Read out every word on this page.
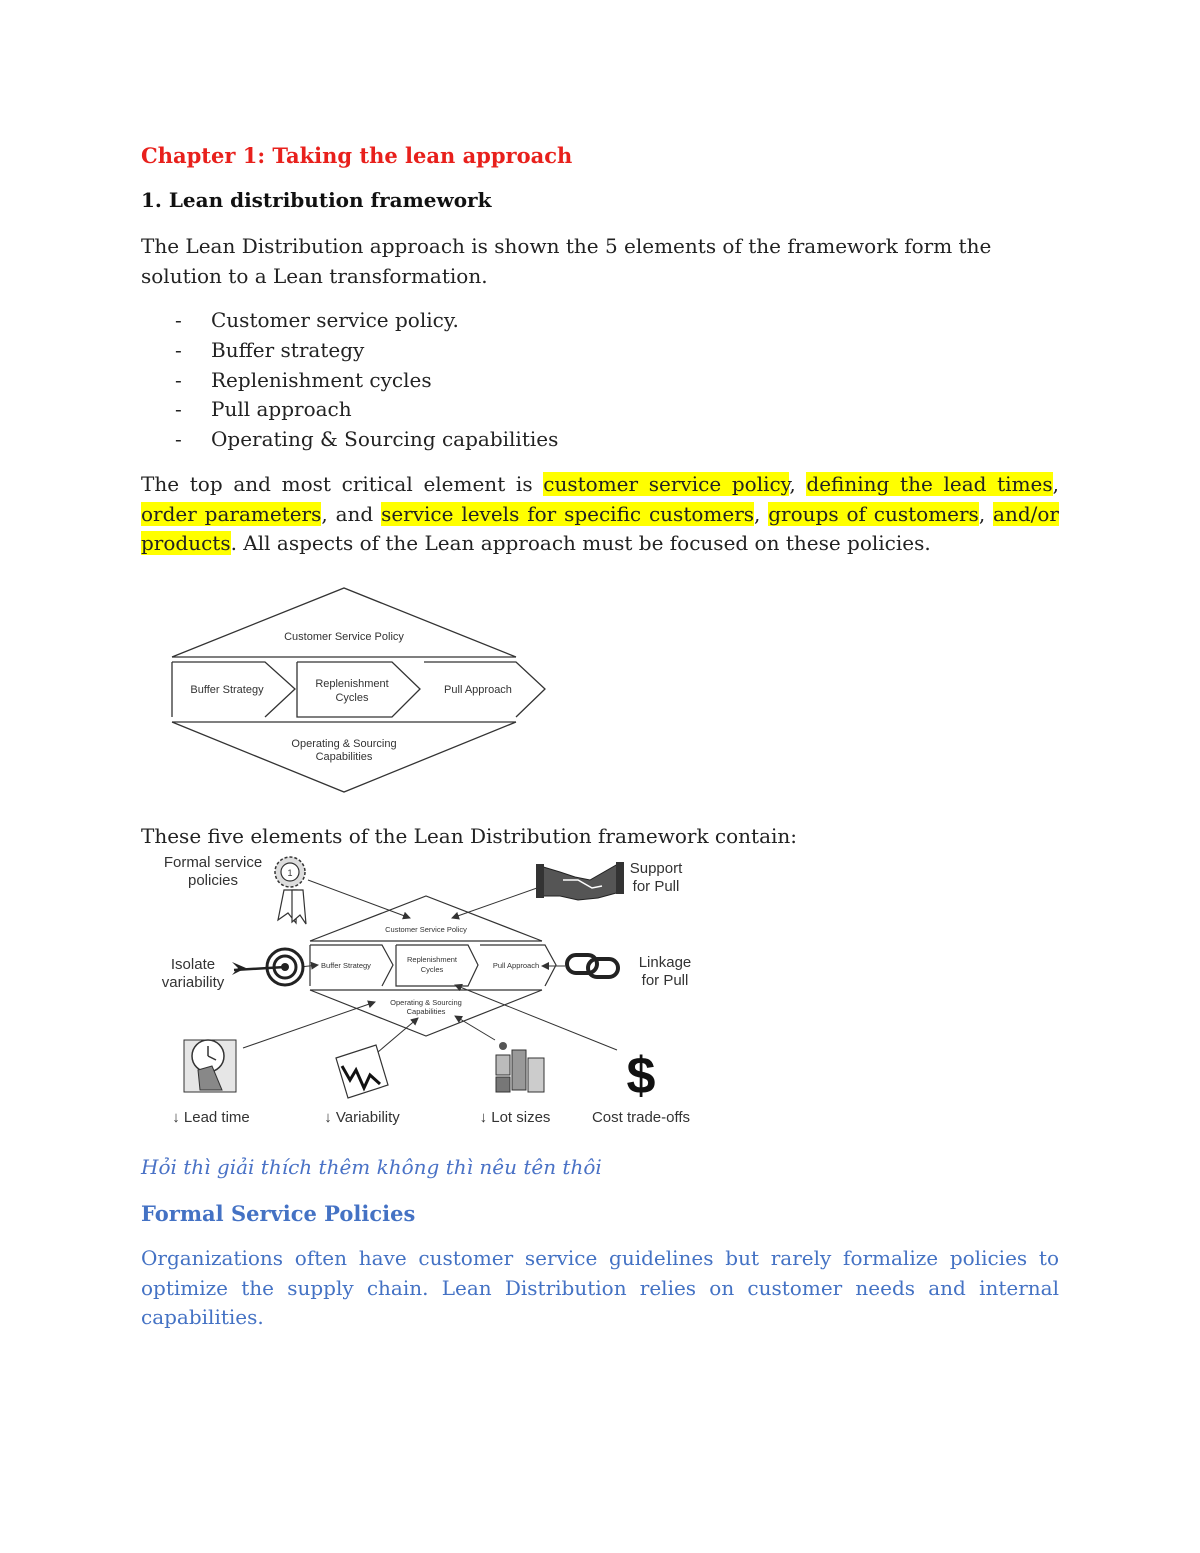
Chapter 1: Taking the lean approach
1. Lean distribution framework
The Lean Distribution approach is shown the 5 elements of the framework form the solution to a Lean transformation.
- Customer service policy.
- Buffer strategy
- Replenishment cycles
- Pull approach
- Operating & Sourcing capabilities
The top and most critical element is customer service policy, defining the lead times, order parameters, and service levels for specific customers, groups of customers, and/or products. All aspects of the Lean approach must be focused on these policies.
Customer Service Policy
Buffer Strategy	Replenishment
Cycles
Pull Approach
Operating & Sourcing
Capabilities
These five elements of the Lean Distribution framework contain:
Customer Service Policy
Buffer Strategy
Replenishment
Cycles	Pull Approach
Operating & Sourcing
Capabilities
1
Formal service
policies
Support
for Pull
Isolate
variability
Linkage
for Pull
↓ Lead time	↓ Variability	↓ Lot sizes	Cost trade-offs
$
Hỏi thì giải thích thêm không thì nêu tên thôi
Formal Service Policies
Organizations often have customer service guidelines but rarely formalize policies to optimize the supply chain. Lean Distribution relies on customer needs and internal capabilities.
